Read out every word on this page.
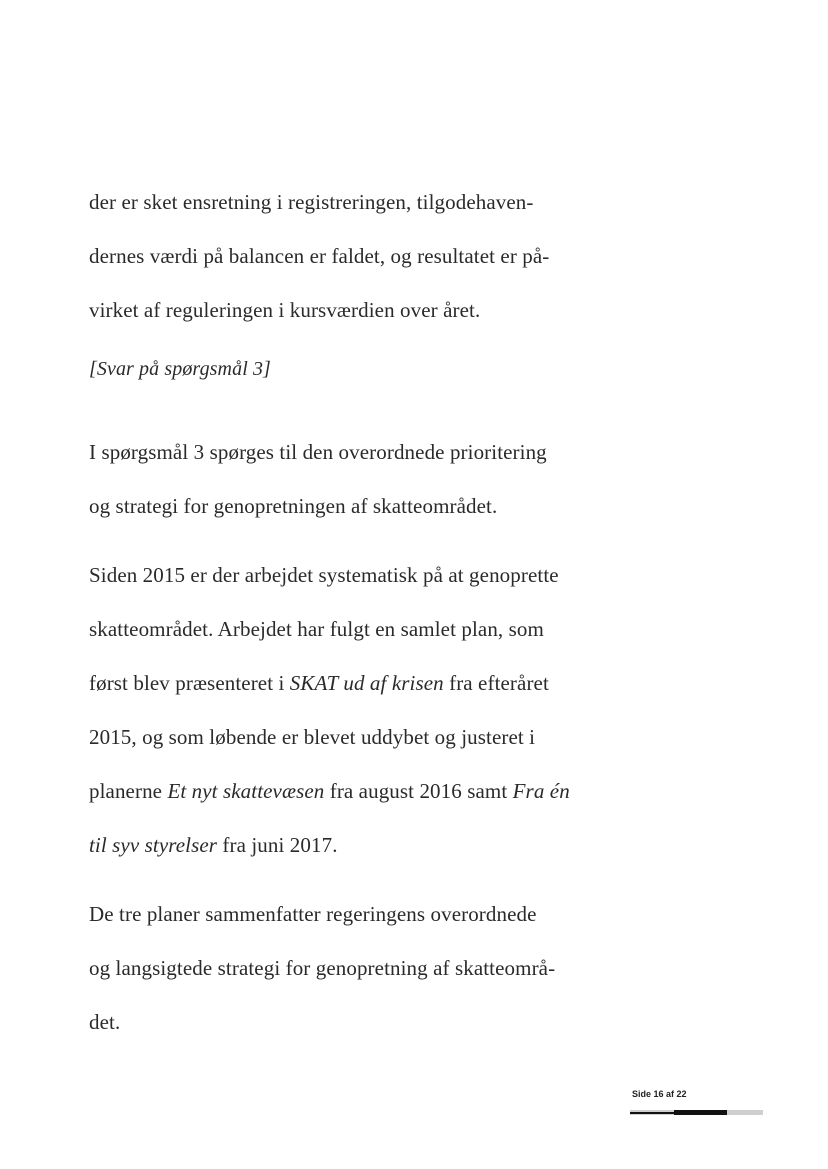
der er sket ensretning i registreringen, tilgodehaven-
dernes værdi på balancen er faldet, og resultatet er på-
virket af reguleringen i kursværdien over året.
[Svar på spørgsmål 3]
I spørgsmål 3 spørges til den overordnede prioritering
og strategi for genopretningen af skatteområdet.
Siden 2015 er der arbejdet systematisk på at genoprette
skatteområdet. Arbejdet har fulgt en samlet plan, som
først blev præsenteret i SKAT ud af krisen fra efteråret
2015, og som løbende er blevet uddybet og justeret i
planerne Et nyt skattevæsen fra august 2016 samt Fra én
til syv styrelser fra juni 2017.
De tre planer sammenfatter regeringens overordnede
og langsigtede strategi for genopretning af skatteområ-
det.
Side 16 af 22
